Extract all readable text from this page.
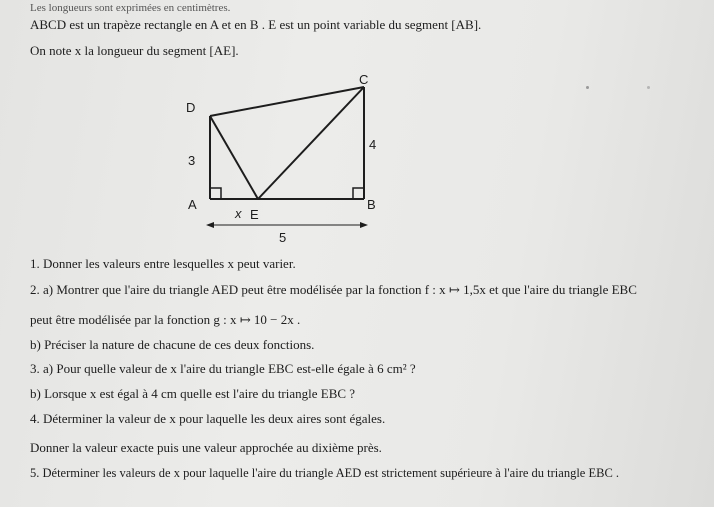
Les longueurs sont exprimées en centimètres.
ABCD est un trapèze rectangle en A et en B . E est un point variable du segment [AB].
On note x la longueur du segment [AE].
C
D
3
4
A	B
x E
5
1. Donner les valeurs entre lesquelles x peut varier.
2. a) Montrer que l'aire du triangle AED peut être modélisée par la fonction f : x ↦ 1,5x et que l'aire du triangle EBC
peut être modélisée par la fonction g : x ↦ 10 − 2x .
b) Préciser la nature de chacune de ces deux fonctions.
3. a) Pour quelle valeur de x l'aire du triangle EBC est-elle égale à 6 cm² ?
b) Lorsque x est égal à 4 cm quelle est l'aire du triangle EBC ?
4. Déterminer la valeur de x pour laquelle les deux aires sont égales.
Donner la valeur exacte puis une valeur approchée au dixième près.
5. Déterminer les valeurs de x pour laquelle l'aire du triangle AED est strictement supérieure à l'aire du triangle EBC .
